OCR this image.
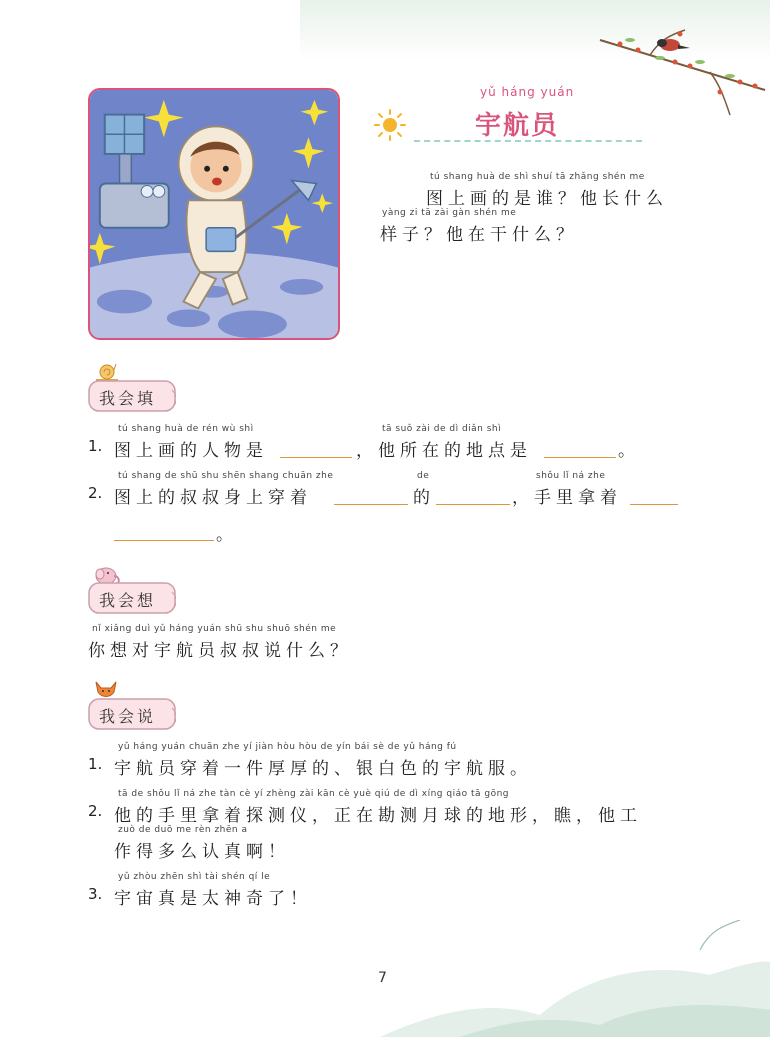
yǔ háng yuán
宇航员
tú shang huà de shì shuí tā zhǎng shén me
图上画的是谁？他长什么
yàng zi tā zài gàn shén me
样子？他在干什么？
我会填
tú shang huà de rén wù shì
1. 图上画的人物是
tā suǒ zài de dì diǎn shì
，他所在的地点是	。
tú shang de shū shu shēn shang chuān zhe
2. 图上的叔叔身上穿着
de
的
shǒu lǐ ná zhe
，手里拿着
。
我会想
nǐ xiǎng duì yǔ háng yuán shū shu shuō shén me
你想对宇航员叔叔说什么？
我会说
yǔ háng yuán chuān zhe yí jiàn hòu hòu de yín bái sè de yǔ háng fú
1. 宇航员穿着一件厚厚的、银白色的宇航服。
tā de shǒu lǐ ná zhe tàn cè yí zhèng zài kān cè yuè qiú de dì xíng qiáo tā gōng
2. 他的手里拿着探测仪，正在勘测月球的地形，瞧，他工
zuò de duō me rèn zhēn a
作得多么认真啊！
yǔ zhòu zhēn shì tài shén qí le
3. 宇宙真是太神奇了！
7
